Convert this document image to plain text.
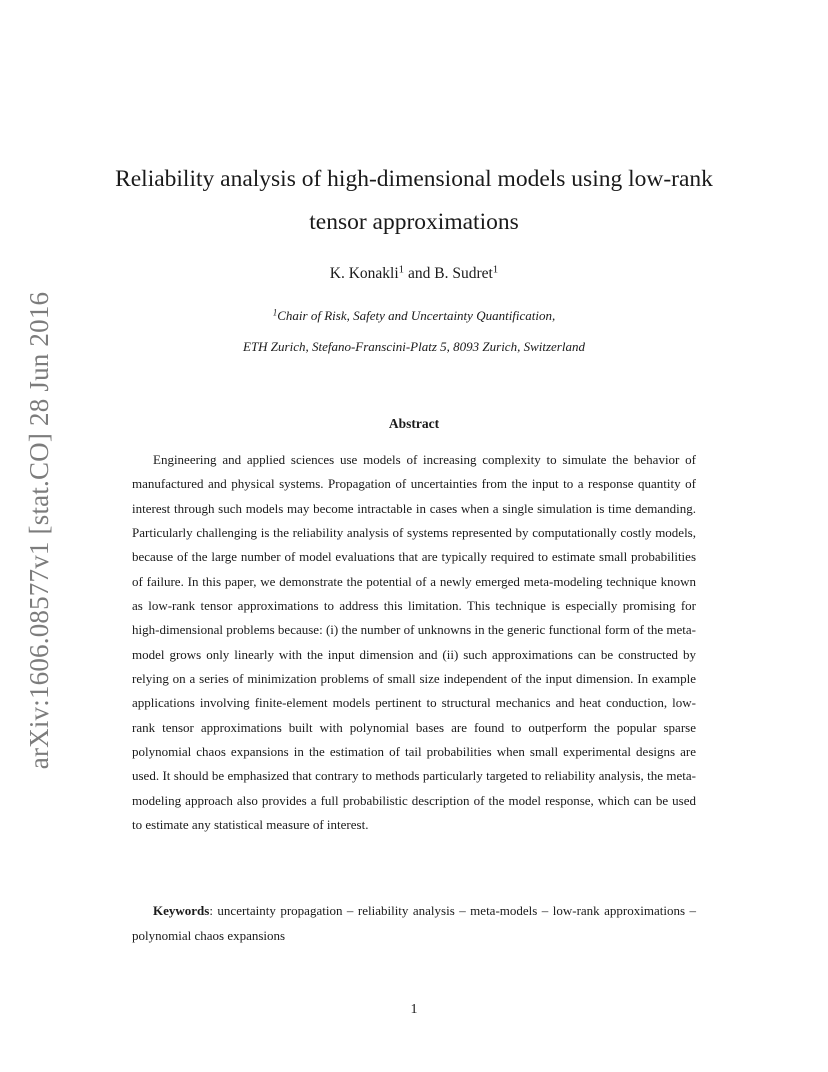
arXiv:1606.08577v1 [stat.CO] 28 Jun 2016
Reliability analysis of high-dimensional models using low-rank tensor approximations
K. Konakli$^1$ and B. Sudret$^1$
$^1$Chair of Risk, Safety and Uncertainty Quantification,
ETH Zurich, Stefano-Franscini-Platz 5, 8093 Zurich, Switzerland
Abstract
Engineering and applied sciences use models of increasing complexity to simulate the behavior of manufactured and physical systems. Propagation of uncertainties from the input to a response quantity of interest through such models may become intractable in cases when a single simulation is time demanding. Particularly challenging is the reliability analysis of systems represented by computationally costly models, because of the large number of model evaluations that are typically required to estimate small probabilities of failure. In this paper, we demonstrate the potential of a newly emerged meta-modeling technique known as low-rank tensor approximations to address this limitation. This technique is especially promising for high-dimensional problems because: (i) the number of unknowns in the generic functional form of the meta-model grows only linearly with the input dimension and (ii) such approximations can be constructed by relying on a series of minimization problems of small size independent of the input dimension. In example applications involving finite-element models pertinent to structural mechanics and heat conduction, low-rank tensor approximations built with polynomial bases are found to outperform the popular sparse polynomial chaos expansions in the estimation of tail probabilities when small experimental designs are used. It should be emphasized that contrary to methods particularly targeted to reliability analysis, the meta-modeling approach also provides a full probabilistic description of the model response, which can be used to estimate any statistical measure of interest.
Keywords: uncertainty propagation – reliability analysis – meta-models – low-rank approximations – polynomial chaos expansions
1
